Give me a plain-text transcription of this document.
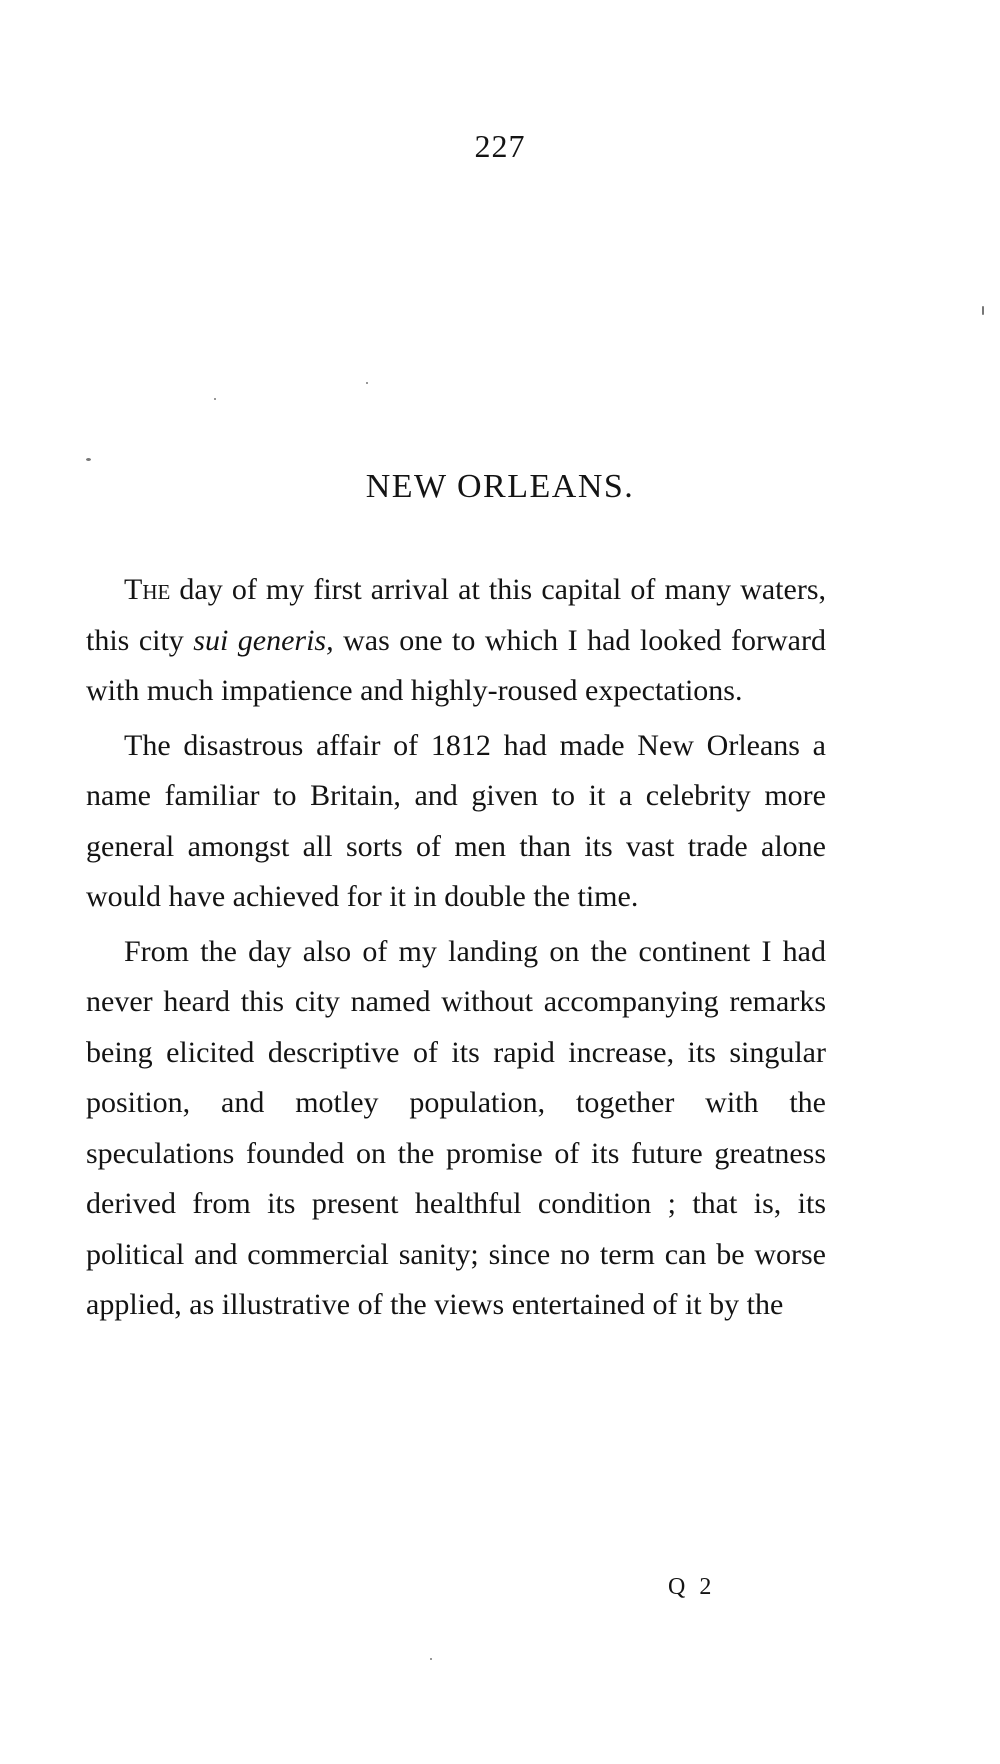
227
NEW ORLEANS.

The day of my first arrival at this capital of many waters, this city sui generis, was one to which I had looked forward with much impatience and highly-roused expectations.

The disastrous affair of 1812 had made New Orleans a name familiar to Britain, and given to it a celebrity more general amongst all sorts of men than its vast trade alone would have achieved for it in double the time.

From the day also of my landing on the continent I had never heard this city named without accompanying remarks being elicited descriptive of its rapid increase, its singular position, and motley population, together with the speculations founded on the promise of its future greatness derived from its present healthful condition ; that is, its political and commercial sanity; since no term can be worse applied, as illustrative of the views entertained of it by the

Q 2
